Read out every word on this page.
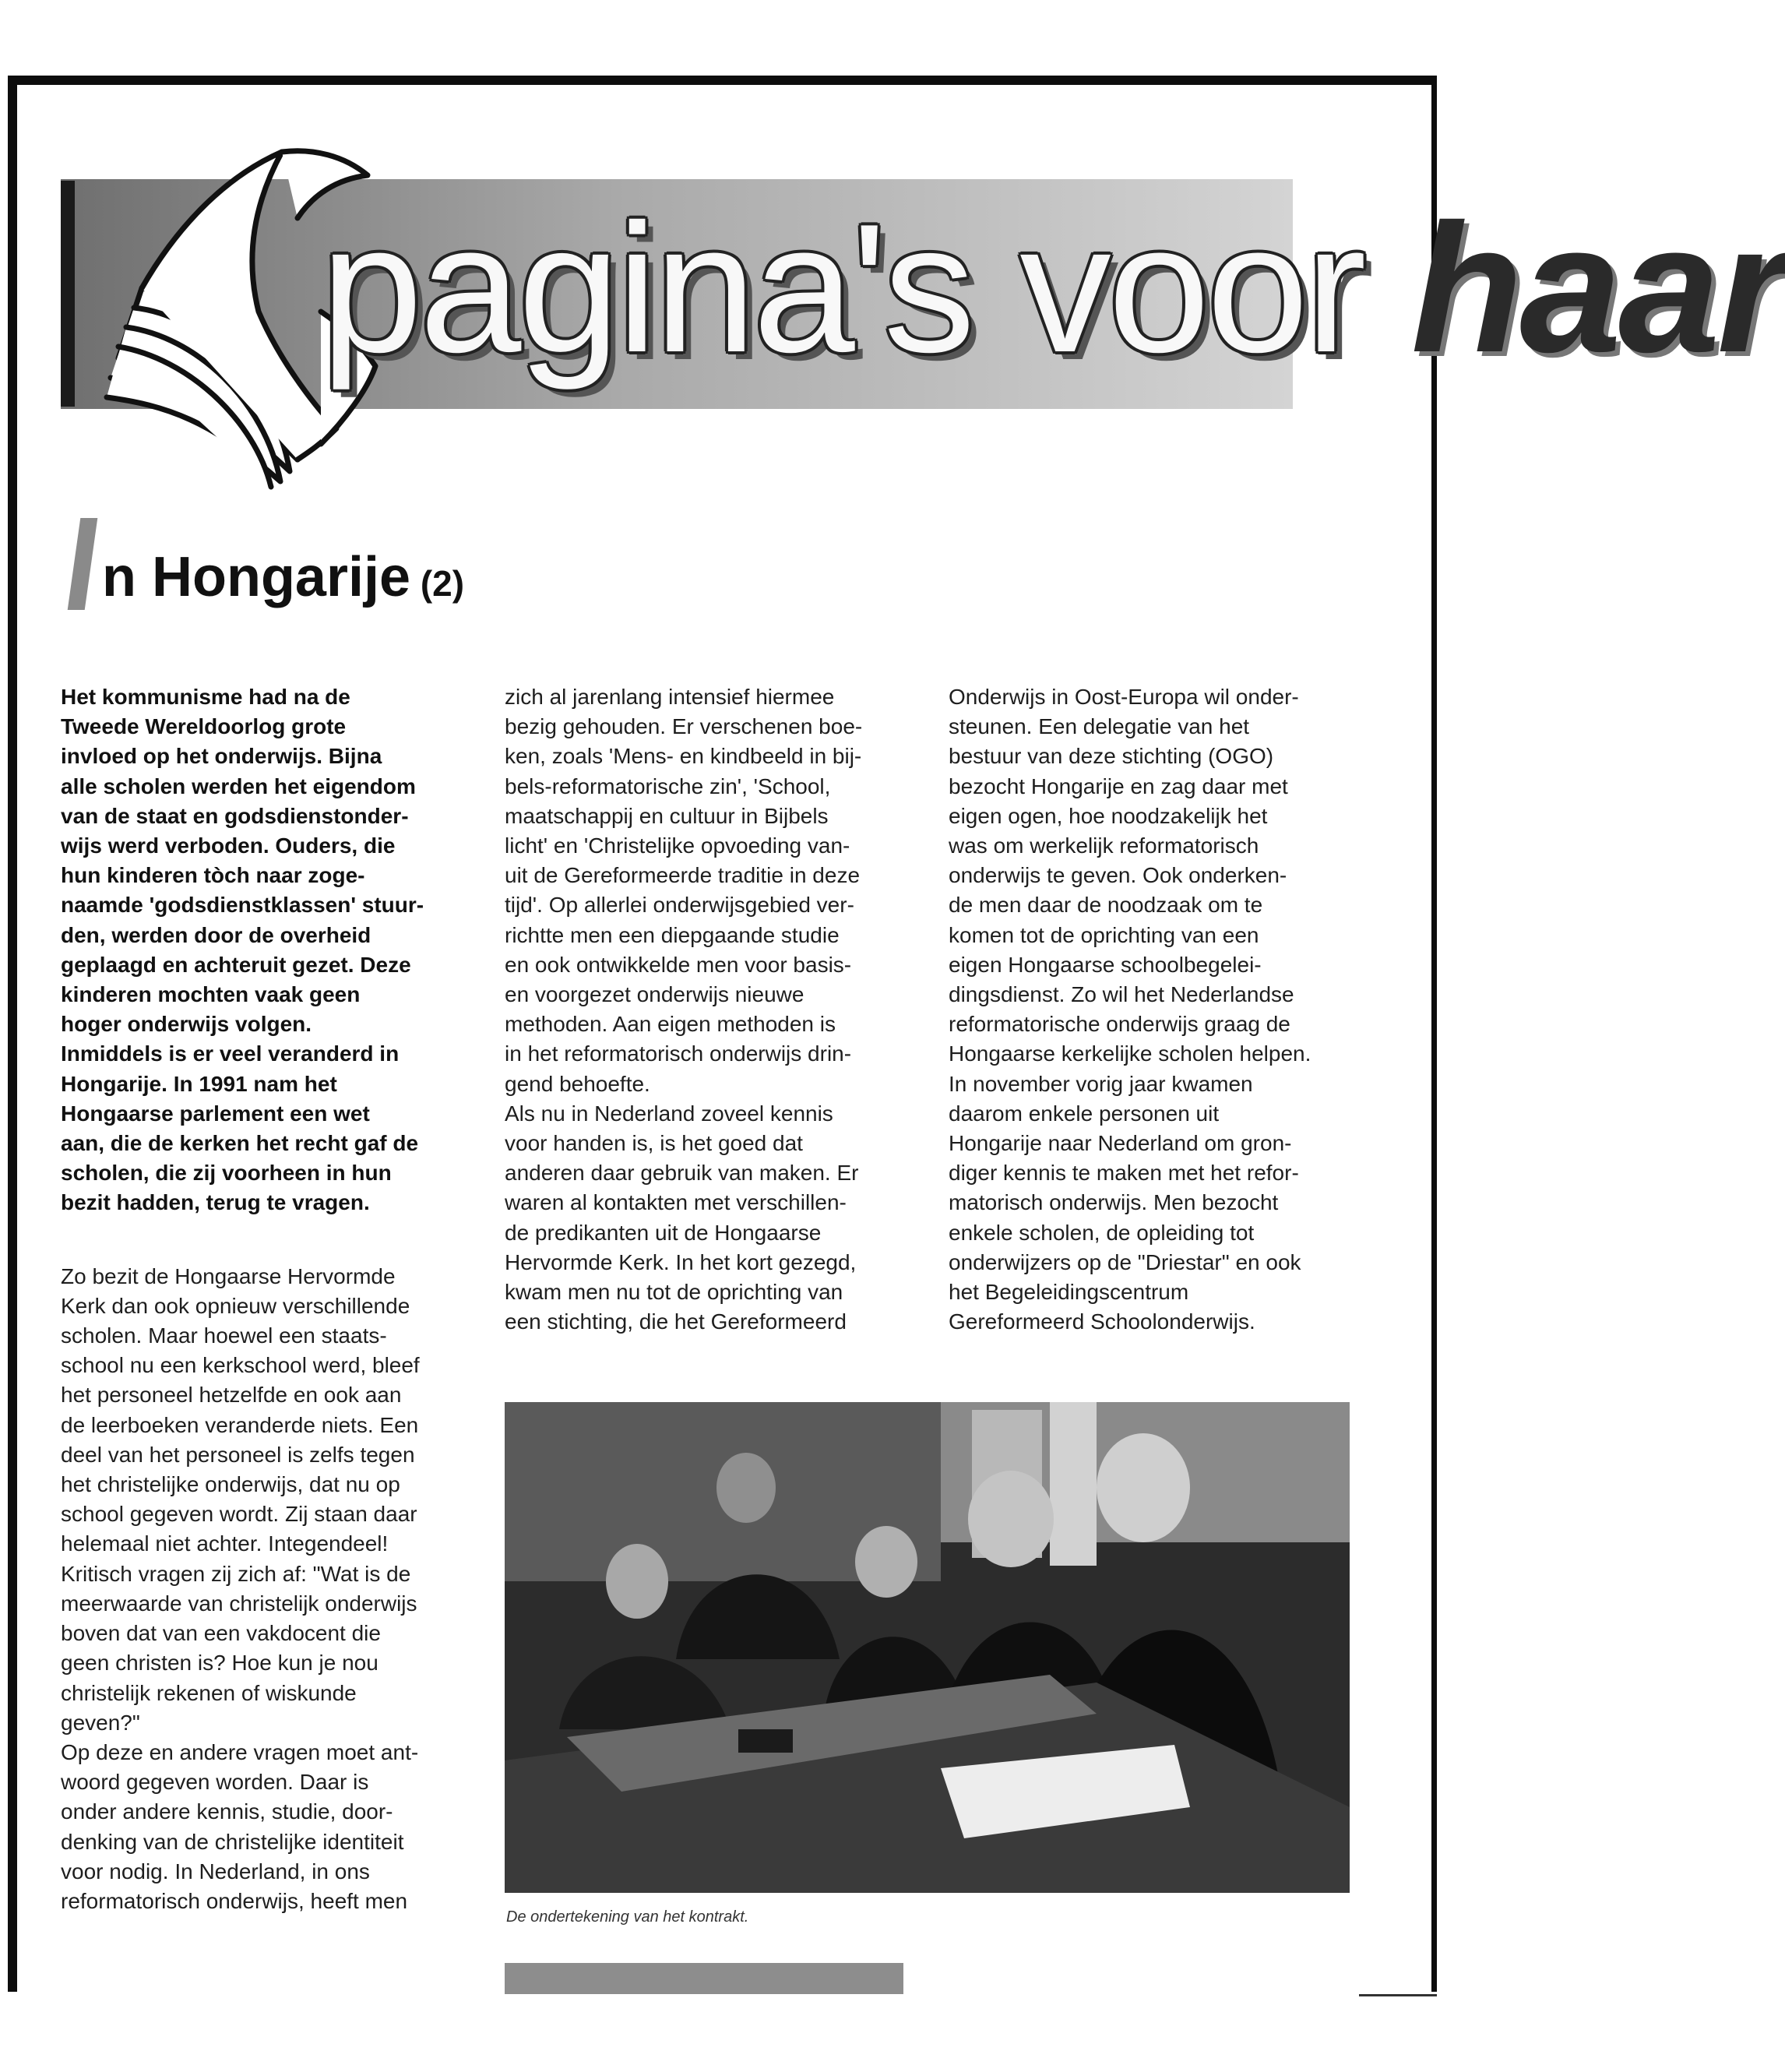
pagina's voor haar
n Hongarije (2)

Het kommunisme had na de
Tweede Wereldoorlog grote
invloed op het onderwijs. Bijna
alle scholen werden het eigendom
van de staat en godsdienstonder-
wijs werd verboden. Ouders, die
hun kinderen tòch naar zoge-
naamde 'godsdienstklassen' stuur-
den, werden door de overheid
geplaagd en achteruit gezet. Deze
kinderen mochten vaak geen
hoger onderwijs volgen.
Inmiddels is er veel veranderd in
Hongarije. In 1991 nam het
Hongaarse parlement een wet
aan, die de kerken het recht gaf de
scholen, die zij voorheen in hun
bezit hadden, terug te vragen.

Zo bezit de Hongaarse Hervormde
Kerk dan ook opnieuw verschillende
scholen. Maar hoewel een staats-
school nu een kerkschool werd, bleef
het personeel hetzelfde en ook aan
de leerboeken veranderde niets. Een
deel van het personeel is zelfs tegen
het christelijke onderwijs, dat nu op
school gegeven wordt. Zij staan daar
helemaal niet achter. Integendeel!
Kritisch vragen zij zich af: "Wat is de
meerwaarde van christelijk onderwijs
boven dat van een vakdocent die
geen christen is? Hoe kun je nou
christelijk rekenen of wiskunde
geven?"
Op deze en andere vragen moet ant-
woord gegeven worden. Daar is
onder andere kennis, studie, door-
denking van de christelijke identiteit
voor nodig. In Nederland, in ons
reformatorisch onderwijs, heeft men

zich al jarenlang intensief hiermee
bezig gehouden. Er verschenen boe-
ken, zoals 'Mens- en kindbeeld in bij-
bels-reformatorische zin', 'School,
maatschappij en cultuur in Bijbels
licht' en 'Christelijke opvoeding van-
uit de Gereformeerde traditie in deze
tijd'. Op allerlei onderwijsgebied ver-
richtte men een diepgaande studie
en ook ontwikkelde men voor basis-
en voorgezet onderwijs nieuwe
methoden. Aan eigen methoden is
in het reformatorisch onderwijs drin-
gend behoefte.
Als nu in Nederland zoveel kennis
voor handen is, is het goed dat
anderen daar gebruik van maken. Er
waren al kontakten met verschillen-
de predikanten uit de Hongaarse
Hervormde Kerk. In het kort gezegd,
kwam men nu tot de oprichting van
een stichting, die het Gereformeerd

Onderwijs in Oost-Europa wil onder-
steunen. Een delegatie van het
bestuur van deze stichting (OGO)
bezocht Hongarije en zag daar met
eigen ogen, hoe noodzakelijk het
was om werkelijk reformatorisch
onderwijs te geven. Ook onderken-
de men daar de noodzaak om te
komen tot de oprichting van een
eigen Hongaarse schoolbegelei-
dingsdienst. Zo wil het Nederlandse
reformatorische onderwijs graag de
Hongaarse kerkelijke scholen helpen.
In november vorig jaar kwamen
daarom enkele personen uit
Hongarije naar Nederland om gron-
diger kennis te maken met het refor-
matorisch onderwijs. Men bezocht
enkele scholen, de opleiding tot
onderwijzers op de "Driestar" en ook
het Begeleidingscentrum
Gereformeerd Schoolonderwijs.

De ondertekening van het kontrakt.
